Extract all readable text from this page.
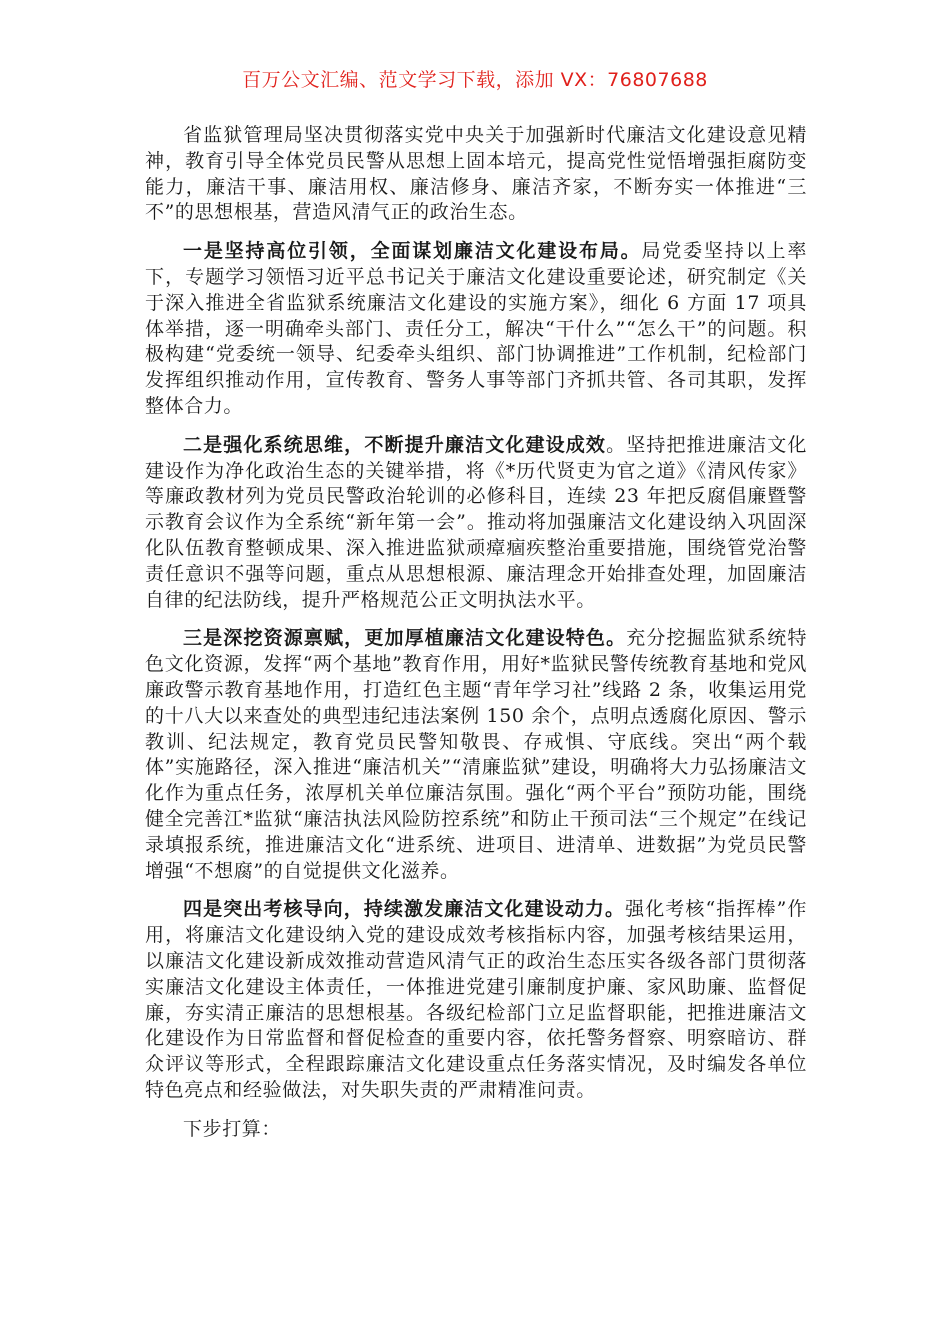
百万公文汇编、范文学习下载，添加 VX：76807688

省监狱管理局坚决贯彻落实党中央关于加强新时代廉洁文化建设意见精神，教育引导全体党员民警从思想上固本培元，提高党性觉悟增强拒腐防变能力，廉洁干事、廉洁用权、廉洁修身、廉洁齐家，不断夯实一体推进“三不”的思想根基，营造风清气正的政治生态。

一是坚持高位引领，全面谋划廉洁文化建设布局。局党委坚持以上率下，专题学习领悟习近平总书记关于廉洁文化建设重要论述，研究制定《关于深入推进全省监狱系统廉洁文化建设的实施方案》，细化 6 方面 17 项具体举措，逐一明确牵头部门、责任分工，解决“干什么”“怎么干”的问题。积极构建“党委统一领导、纪委牵头组织、部门协调推进”工作机制，纪检部门发挥组织推动作用，宣传教育、警务人事等部门齐抓共管、各司其职，发挥整体合力。

二是强化系统思维，不断提升廉洁文化建设成效。坚持把推进廉洁文化建设作为净化政治生态的关键举措，将《*历代贤吏为官之道》《清风传家》等廉政教材列为党员民警政治轮训的必修科目，连续 23 年把反腐倡廉暨警示教育会议作为全系统“新年第一会”。推动将加强廉洁文化建设纳入巩固深化队伍教育整顿成果、深入推进监狱顽瘴痼疾整治重要措施，围绕管党治警责任意识不强等问题，重点从思想根源、廉洁理念开始排查处理，加固廉洁自律的纪法防线，提升严格规范公正文明执法水平。

三是深挖资源禀赋，更加厚植廉洁文化建设特色。充分挖掘监狱系统特色文化资源，发挥“两个基地”教育作用，用好*监狱民警传统教育基地和党风廉政警示教育基地作用，打造红色主题“青年学习社”线路 2 条，收集运用党的十八大以来查处的典型违纪违法案例 150 余个，点明点透腐化原因、警示教训、纪法规定，教育党员民警知敬畏、存戒惧、守底线。突出“两个载体”实施路径，深入推进“廉洁机关”“清廉监狱”建设，明确将大力弘扬廉洁文化作为重点任务，浓厚机关单位廉洁氛围。强化“两个平台”预防功能，围绕健全完善江*监狱“廉洁执法风险防控系统”和防止干预司法“三个规定”在线记录填报系统，推进廉洁文化“进系统、进项目、进清单、进数据”为党员民警增强“不想腐”的自觉提供文化滋养。

四是突出考核导向，持续激发廉洁文化建设动力。强化考核“指挥棒”作用，将廉洁文化建设纳入党的建设成效考核指标内容，加强考核结果运用，以廉洁文化建设新成效推动营造风清气正的政治生态压实各级各部门贯彻落实廉洁文化建设主体责任，一体推进党建引廉制度护廉、家风助廉、监督促廉，夯实清正廉洁的思想根基。各级纪检部门立足监督职能，把推进廉洁文化建设作为日常监督和督促检查的重要内容，依托警务督察、明察暗访、群众评议等形式，全程跟踪廉洁文化建设重点任务落实情况，及时编发各单位特色亮点和经验做法，对失职失责的严肃精准问责。

下步打算：
